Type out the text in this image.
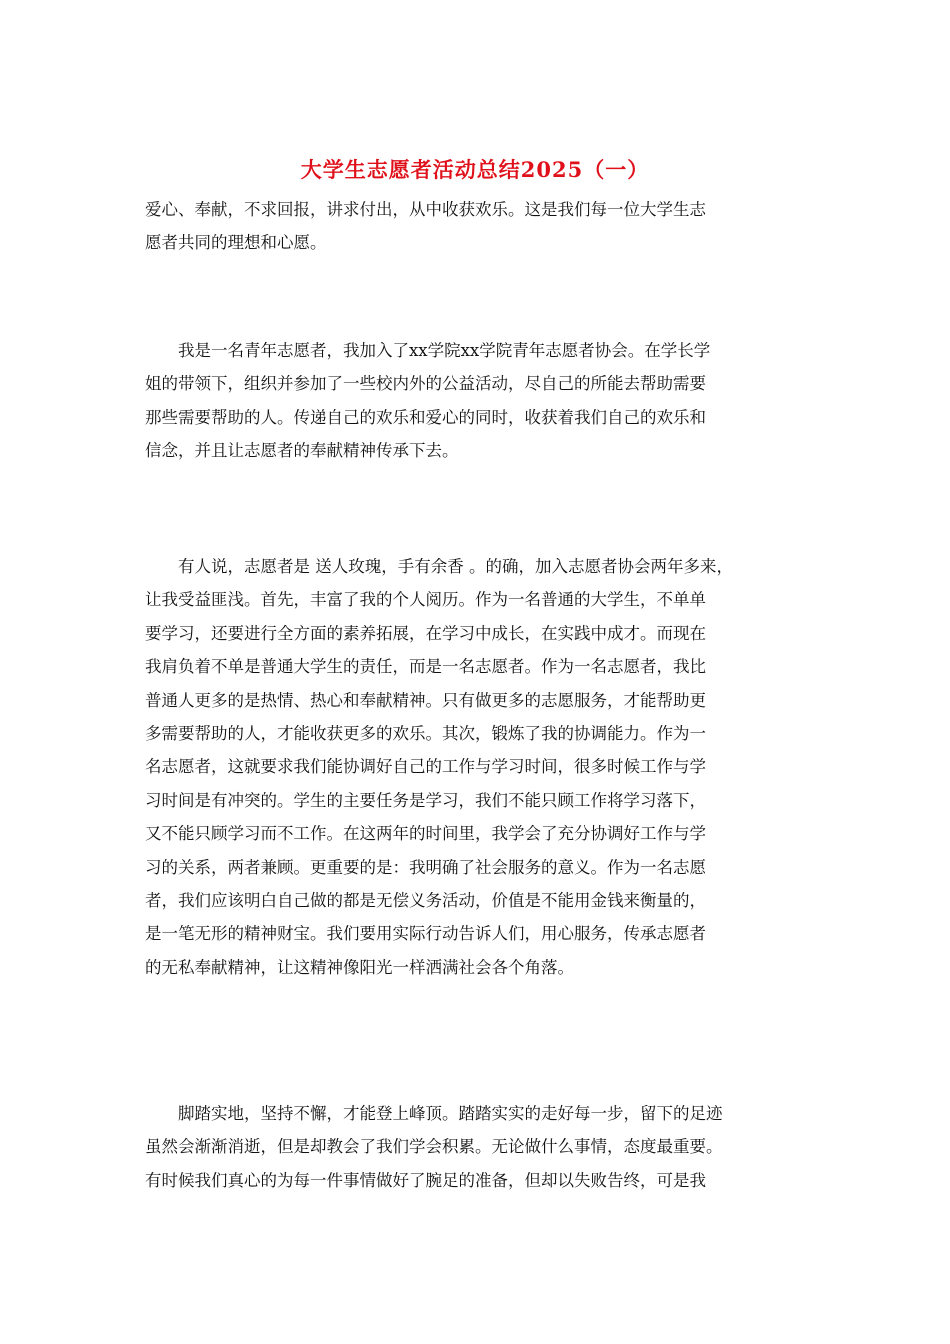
大学生志愿者活动总结2025（一）
爱心、奉献，不求回报，讲求付出，从中收获欢乐。这是我们每一位大学生志
愿者共同的理想和心愿。
　　我是一名青年志愿者，我加入了xx学院xx学院青年志愿者协会。在学长学
姐的带领下，组织并参加了一些校内外的公益活动，尽自己的所能去帮助需要
那些需要帮助的人。传递自己的欢乐和爱心的同时，收获着我们自己的欢乐和
信念，并且让志愿者的奉献精神传承下去。
　　有人说，志愿者是 送人玫瑰，手有余香 。的确，加入志愿者协会两年多来，
让我受益匪浅。首先，丰富了我的个人阅历。作为一名普通的大学生，不单单
要学习，还要进行全方面的素养拓展，在学习中成长，在实践中成才。而现在
我肩负着不单是普通大学生的责任，而是一名志愿者。作为一名志愿者，我比
普通人更多的是热情、热心和奉献精神。只有做更多的志愿服务，才能帮助更
多需要帮助的人，才能收获更多的欢乐。其次，锻炼了我的协调能力。作为一
名志愿者，这就要求我们能协调好自己的工作与学习时间，很多时候工作与学
习时间是有冲突的。学生的主要任务是学习，我们不能只顾工作将学习落下，
又不能只顾学习而不工作。在这两年的时间里，我学会了充分协调好工作与学
习的关系，两者兼顾。更重要的是：我明确了社会服务的意义。作为一名志愿
者，我们应该明白自己做的都是无偿义务活动，价值是不能用金钱来衡量的，
是一笔无形的精神财宝。我们要用实际行动告诉人们，用心服务，传承志愿者
的无私奉献精神，让这精神像阳光一样洒满社会各个角落。
　　脚踏实地，坚持不懈，才能登上峰顶。踏踏实实的走好每一步，留下的足迹
虽然会渐渐消逝，但是却教会了我们学会积累。无论做什么事情，态度最重要。
有时候我们真心的为每一件事情做好了腕足的准备，但却以失败告终，可是我
